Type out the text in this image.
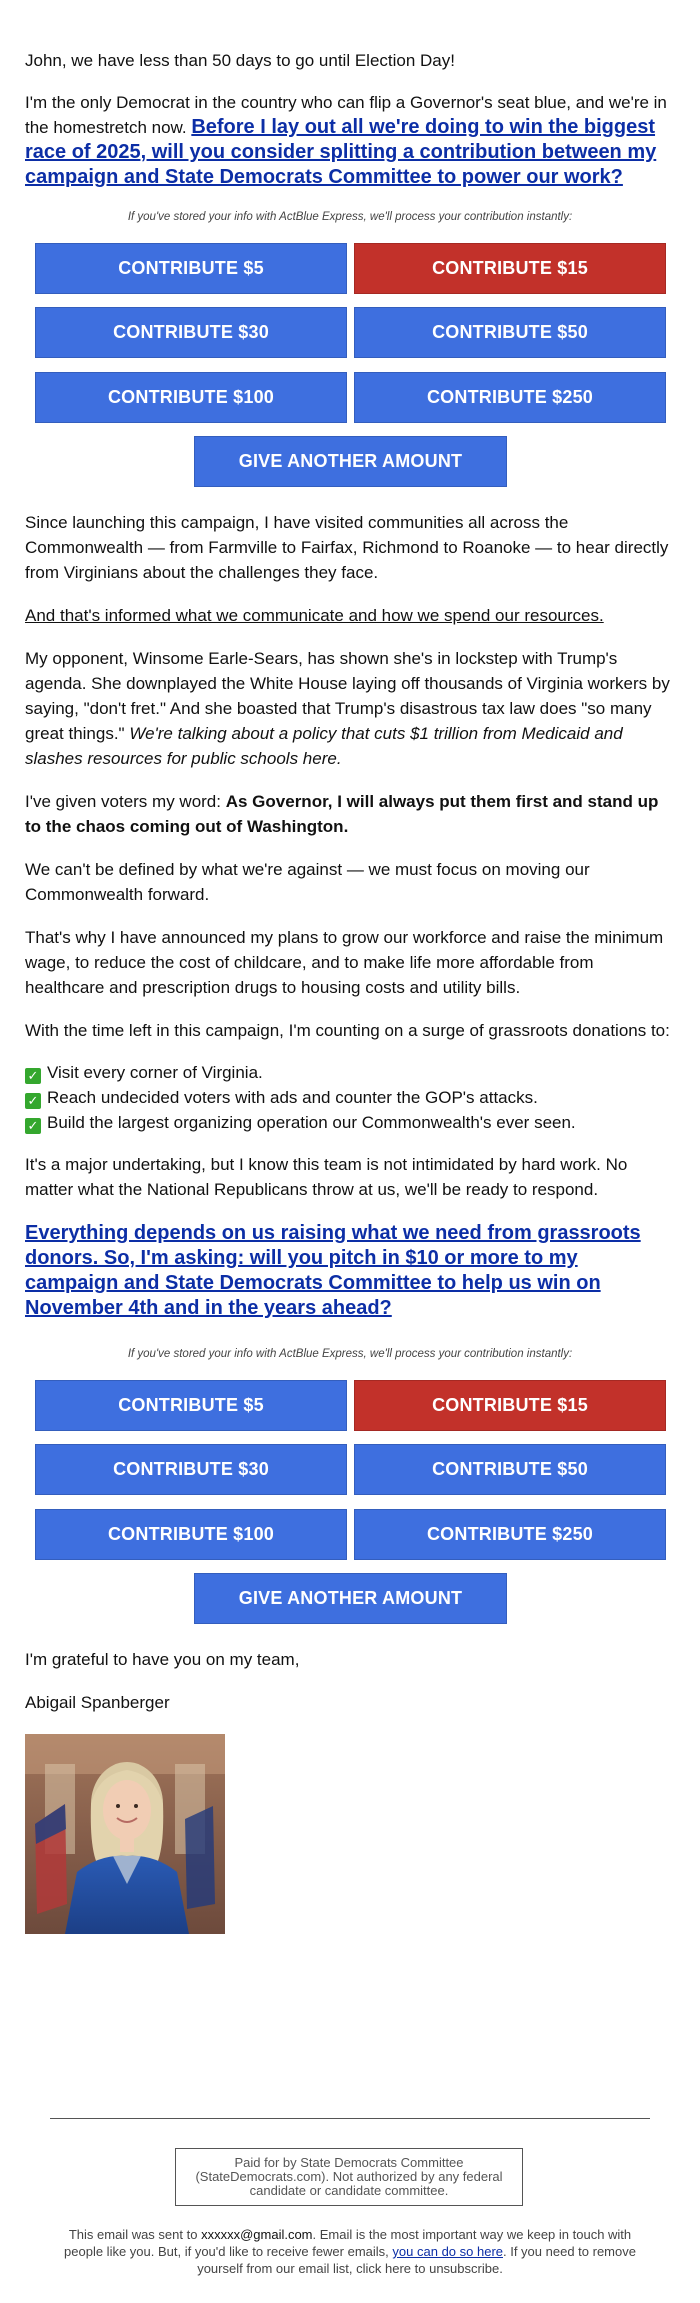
John, we have less than 50 days to go until Election Day!

I'm the only Democrat in the country who can flip a Governor's seat blue, and we're in the homestretch now. Before I lay out all we're doing to win the biggest race of 2025, will you consider splitting a contribution between my campaign and State Democrats Committee to power our work?

If you've stored your info with ActBlue Express, we'll process your contribution instantly:
CONTRIBUTE $5	CONTRIBUTE $15
CONTRIBUTE $30	CONTRIBUTE $50
CONTRIBUTE $100	CONTRIBUTE $250
GIVE ANOTHER AMOUNT

Since launching this campaign, I have visited communities all across the Commonwealth — from Farmville to Fairfax, Richmond to Roanoke — to hear directly from Virginians about the challenges they face.

And that's informed what we communicate and how we spend our resources.

My opponent, Winsome Earle-Sears, has shown she's in lockstep with Trump's agenda. She downplayed the White House laying off thousands of Virginia workers by saying, "don't fret." And she boasted that Trump's disastrous tax law does "so many great things." We're talking about a policy that cuts $1 trillion from Medicaid and slashes resources for public schools here.

I've given voters my word: As Governor, I will always put them first and stand up to the chaos coming out of Washington.

We can't be defined by what we're against — we must focus on moving our Commonwealth forward.

That's why I have announced my plans to grow our workforce and raise the minimum wage, to reduce the cost of childcare, and to make life more affordable from healthcare and prescription drugs to housing costs and utility bills.

With the time left in this campaign, I'm counting on a surge of grassroots donations to:

✓ Visit every corner of Virginia.

✓ Reach undecided voters with ads and counter the GOP's attacks.

✓ Build the largest organizing operation our Commonwealth's ever seen.

It's a major undertaking, but I know this team is not intimidated by hard work. No matter what the National Republicans throw at us, we'll be ready to respond.

Everything depends on us raising what we need from grassroots donors. So, I'm asking: will you pitch in $10 or more to my campaign and State Democrats Committee to help us win on November 4th and in the years ahead?

If you've stored your info with ActBlue Express, we'll process your contribution instantly:
CONTRIBUTE $5	CONTRIBUTE $15
CONTRIBUTE $30	CONTRIBUTE $50
CONTRIBUTE $100	CONTRIBUTE $250
GIVE ANOTHER AMOUNT

I'm grateful to have you on my team,

Abigail Spanberger

Paid for by State Democrats Committee (StateDemocrats.com). Not authorized by any federal candidate or candidate committee.
This email was sent to xxxxxx@gmail.com. Email is the most important way we keep in touch with people like you. But, if you'd like to receive fewer emails, you can do so here. If you need to remove yourself from our email list, click here to unsubscribe.
